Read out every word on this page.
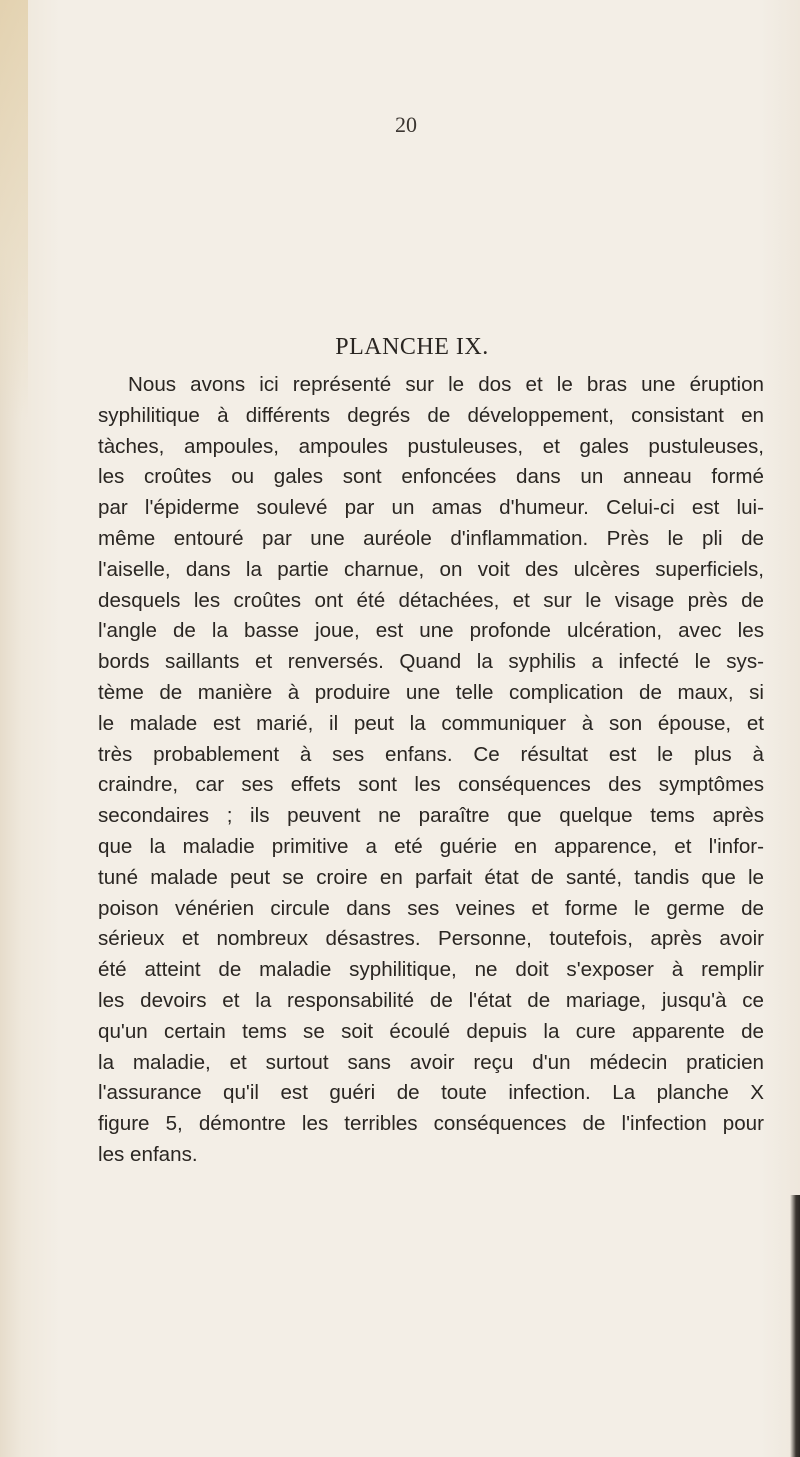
20
PLANCHE IX.

Nous avons ici représenté sur le dos et le bras une éruption
syphilitique à différents degrés de développement, consistant en
tàches, ampoules, ampoules pustuleuses, et gales pustuleuses,
les croûtes ou gales sont enfoncées dans un anneau formé
par l'épiderme soulevé par un amas d'humeur. Celui-ci est lui-
même entouré par une auréole d'inflammation. Près le pli de
l'aiselle, dans la partie charnue, on voit des ulcères superficiels,
desquels les croûtes ont été détachées, et sur le visage près de
l'angle de la basse joue, est une profonde ulcération, avec les
bords saillants et renversés. Quand la syphilis a infecté le sys-
tème de manière à produire une telle complication de maux, si
le malade est marié, il peut la communiquer à son épouse, et
très probablement à ses enfans. Ce résultat est le plus à
craindre, car ses effets sont les conséquences des symptômes
secondaires ; ils peuvent ne paraître que quelque tems après
que la maladie primitive a eté guérie en apparence, et l'infor-
tuné malade peut se croire en parfait état de santé, tandis que le
poison vénérien circule dans ses veines et forme le germe de
sérieux et nombreux désastres. Personne, toutefois, après avoir
été atteint de maladie syphilitique, ne doit s'exposer à remplir
les devoirs et la responsabilité de l'état de mariage, jusqu'à ce
qu'un certain tems se soit écoulé depuis la cure apparente de
la maladie, et surtout sans avoir reçu d'un médecin praticien
l'assurance qu'il est guéri de toute infection. La planche X
figure 5, démontre les terribles conséquences de l'infection pour
les enfans.
